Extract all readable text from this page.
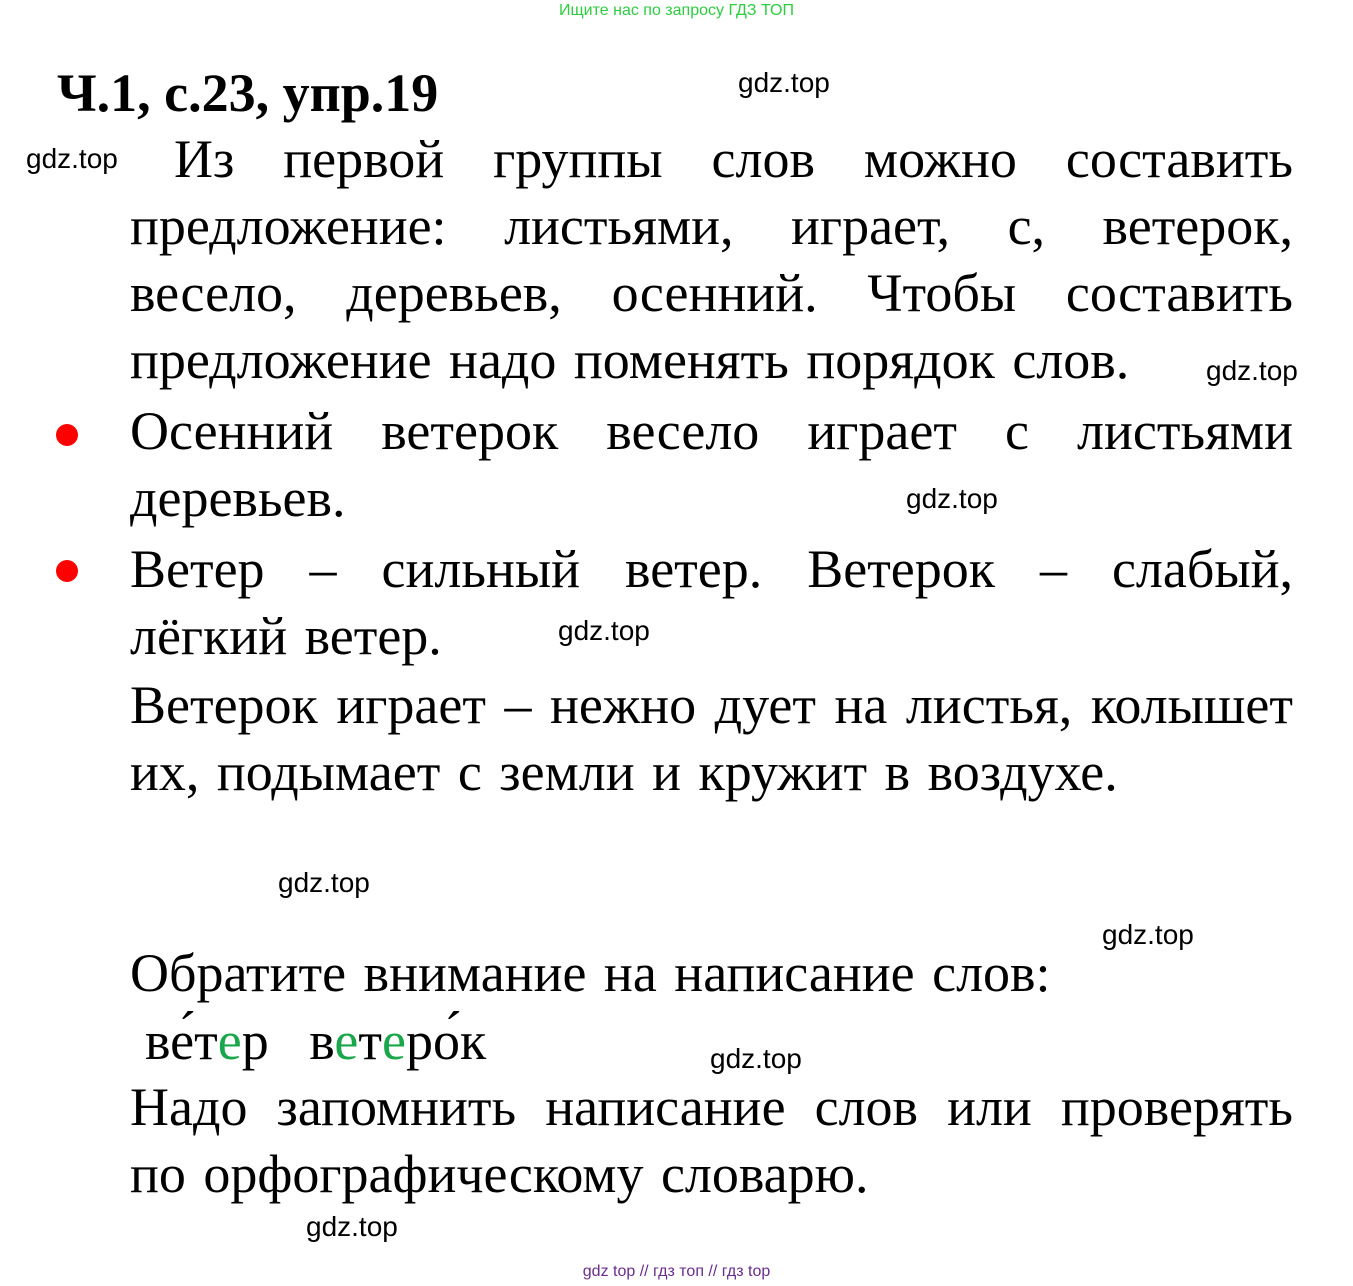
Ищите нас по запросу ГДЗ ТОП
Ч.1, с.23, упр.19	gdz.top
gdz.top
gdz.top
gdz.top
gdz.top
gdz.top
gdz.top
gdz.top
gdz.top

Из первой группы слов можно составить предложение: листьями, играет, с, ветерок, весело, деревьев, осенний. Чтобы составить предложение надо поменять порядок слов.

Осенний ветерок весело играет с листьями деревьев.

Ветер – сильный ветер. Ветерок – слабый, лёгкий ветер.

Ветерок играет – нежно дует на листья, колышет их, подымает с земли и кружит в воздухе.

Обратите внимание на написание слов:

ве́тер ветеро́к

Надо запомнить написание слов или проверять по орфографическому словарю.

gdz top // гдз топ // гдз top
